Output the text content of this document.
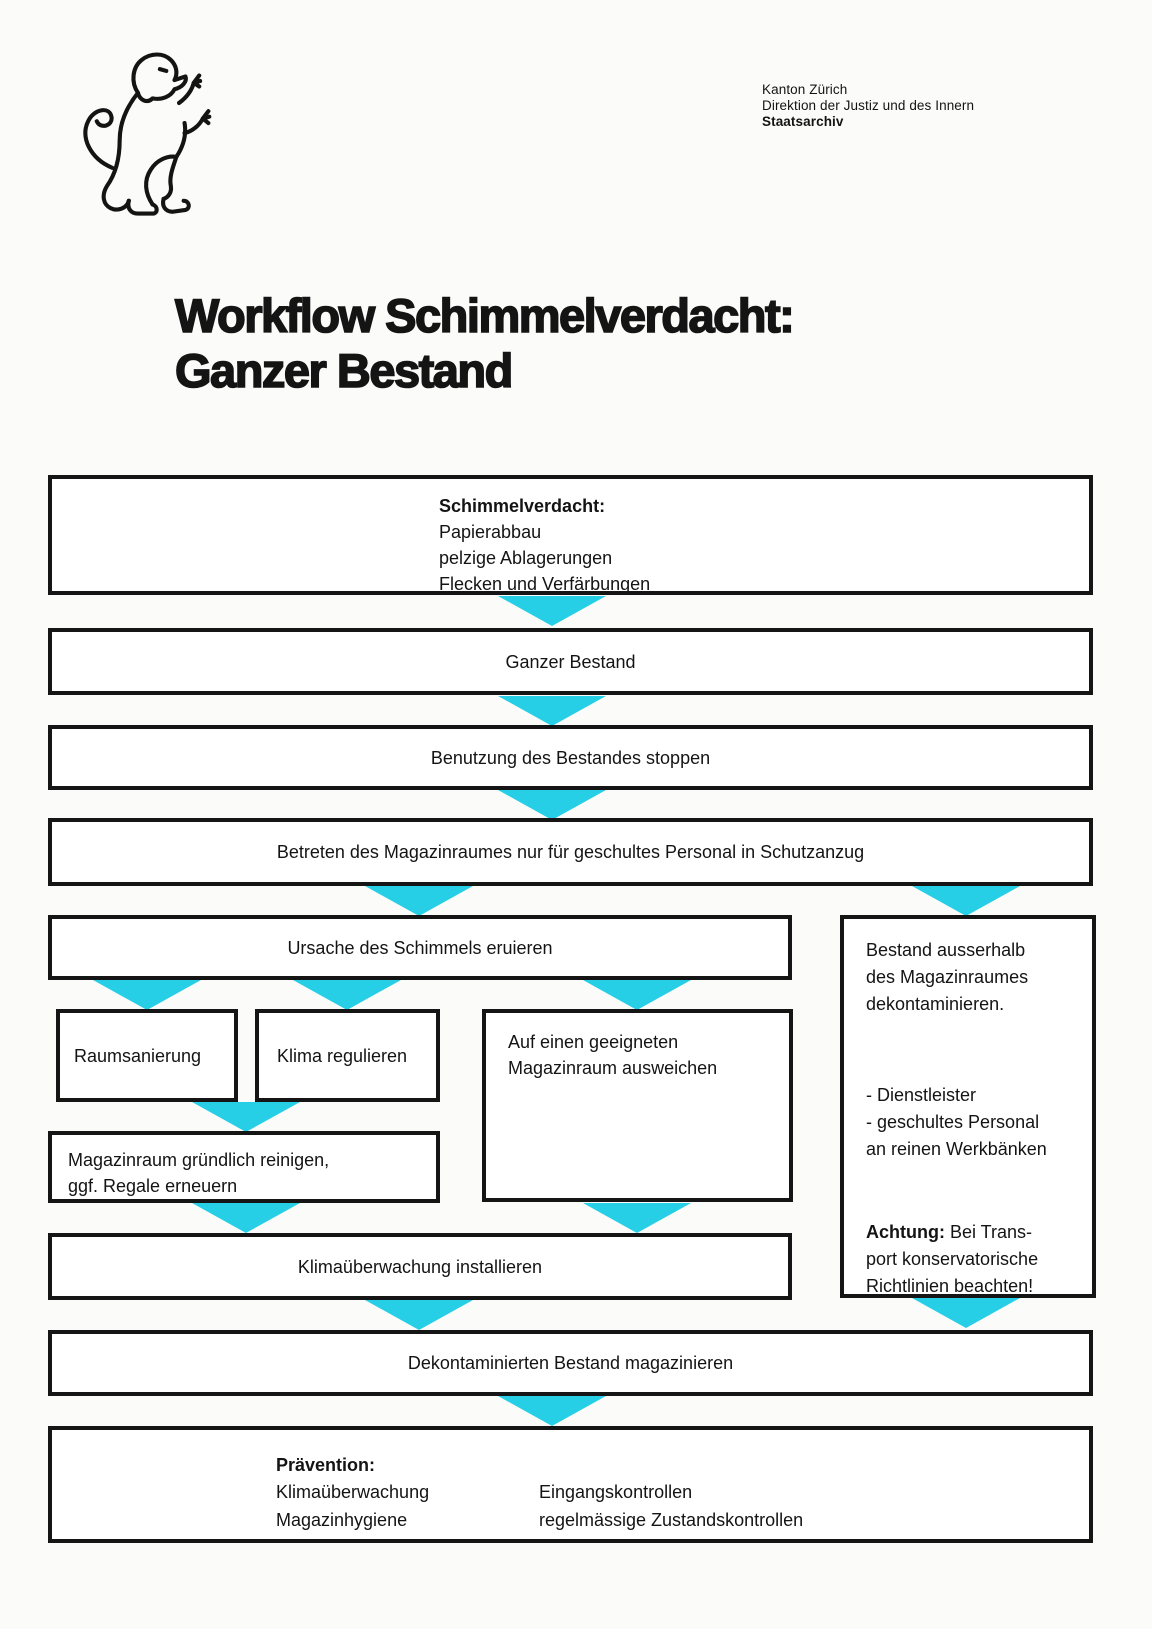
Kanton Zürich
Direktion der Justiz und des Innern
Staatsarchiv
Workflow Schimmelverdacht:
Ganzer Bestand
Schimmelverdacht:
Papierabbau
pelzige Ablagerungen
Flecken und Verfärbungen
Ganzer Bestand
Benutzung des Bestandes stoppen
Betreten des Magazinraumes nur für geschultes Personal in Schutzanzug
Ursache des Schimmels eruieren	Bestand ausserhalb
des Magazinraumes
dekontaminieren.
- Dienstleister
- geschultes Personal
an reinen Werkbänken
Achtung: Bei Trans-
port konservatorische
Richtlinien beachten!
Raumsanierung	Klima regulieren
Auf einen geeigneten
Magazinraum ausweichen
Magazinraum gründlich reinigen,
ggf. Regale erneuern
Klimaüberwachung installieren
Dekontaminierten Bestand magazinieren
Prävention:
Klimaüberwachung	Eingangskontrollen
Magazinhygiene	regelmässige Zustandskontrollen
